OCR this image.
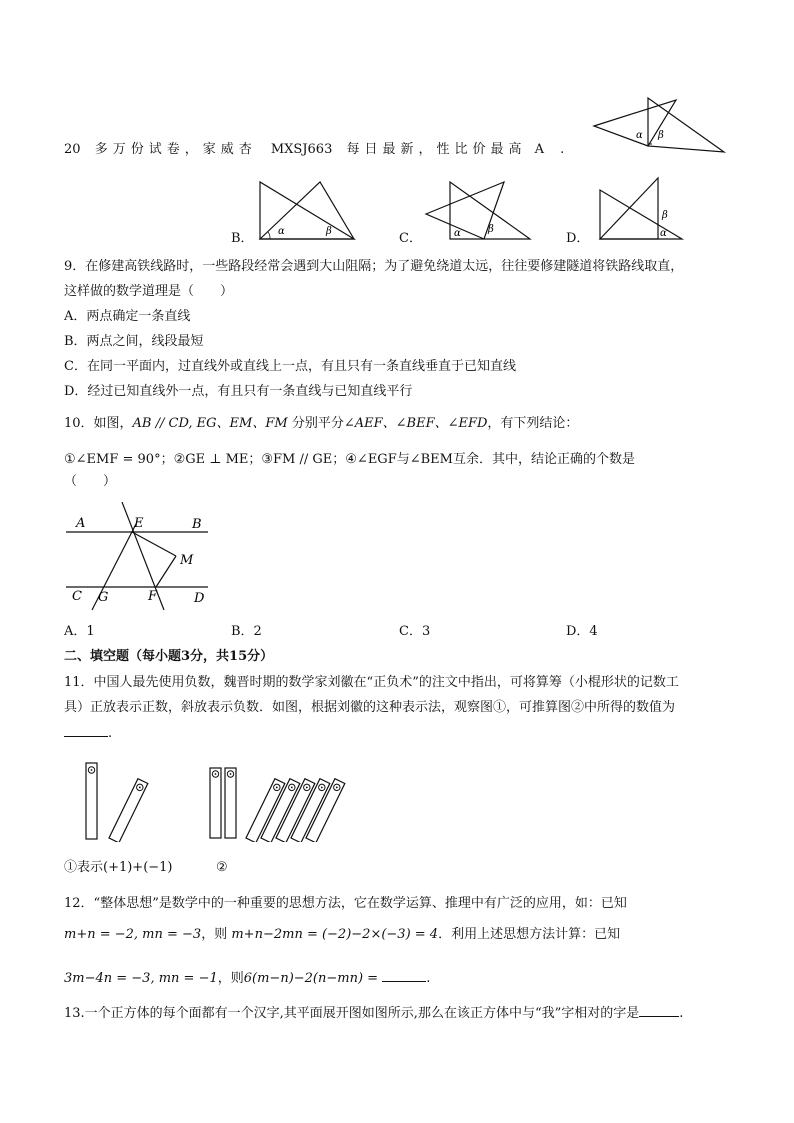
20 多万份试卷，家威杏 MXSJ663 每日最新，性比价最高 A .
α β
B． α	β	C．	α	β
D．
β
α
9．在修建高铁线路时，一些路段经常会遇到大山阻隔；为了避免绕道太远，往往要修建隧道将铁路线取直，
这样做的数学道理是（　　）
A．两点确定一条直线
B．两点之间，线段最短
C．在同一平面内，过直线外或直线上一点，有且只有一条直线垂直于已知直线
D．经过已知直线外一点，有且只有一条直线与已知直线平行
10．如图，AB // CD, EG、EM、FM 分别平分∠AEF、∠BEF、∠EFD，有下列结论：
①∠EMF = 90°；②GE ⊥ ME；③FM // GE；④∠EGF与∠BEM互余．其中，结论正确的个数是
（　　）
A	E	B
M
C G	F	D
A．1	B．2	C．3	D．4
二、填空题（每小题3分，共15分）
11．中国人最先使用负数，魏晋时期的数学家刘徽在“正负术”的注文中指出，可将算筹（小棍形状的记数工
具）正放表示正数，斜放表示负数．如图，根据刘徽的这种表示法，观察图①，可推算图②中所得的数值为
.
①表示(+1)+(−1)	②
12．“整体思想”是数学中的一种重要的思想方法，它在数学运算、推理中有广泛的应用，如：已知
m+n = −2, mn = −3，则 m+n−2mn = (−2)−2×(−3) = 4．利用上述思想方法计算：已知
3m−4n = −3, mn = −1，则6(m−n)−2(n−mn) =	.
13.一个正方体的每个面都有一个汉字,其平面展开图如图所示,那么在该正方体中与“我”字相对的字是	.
